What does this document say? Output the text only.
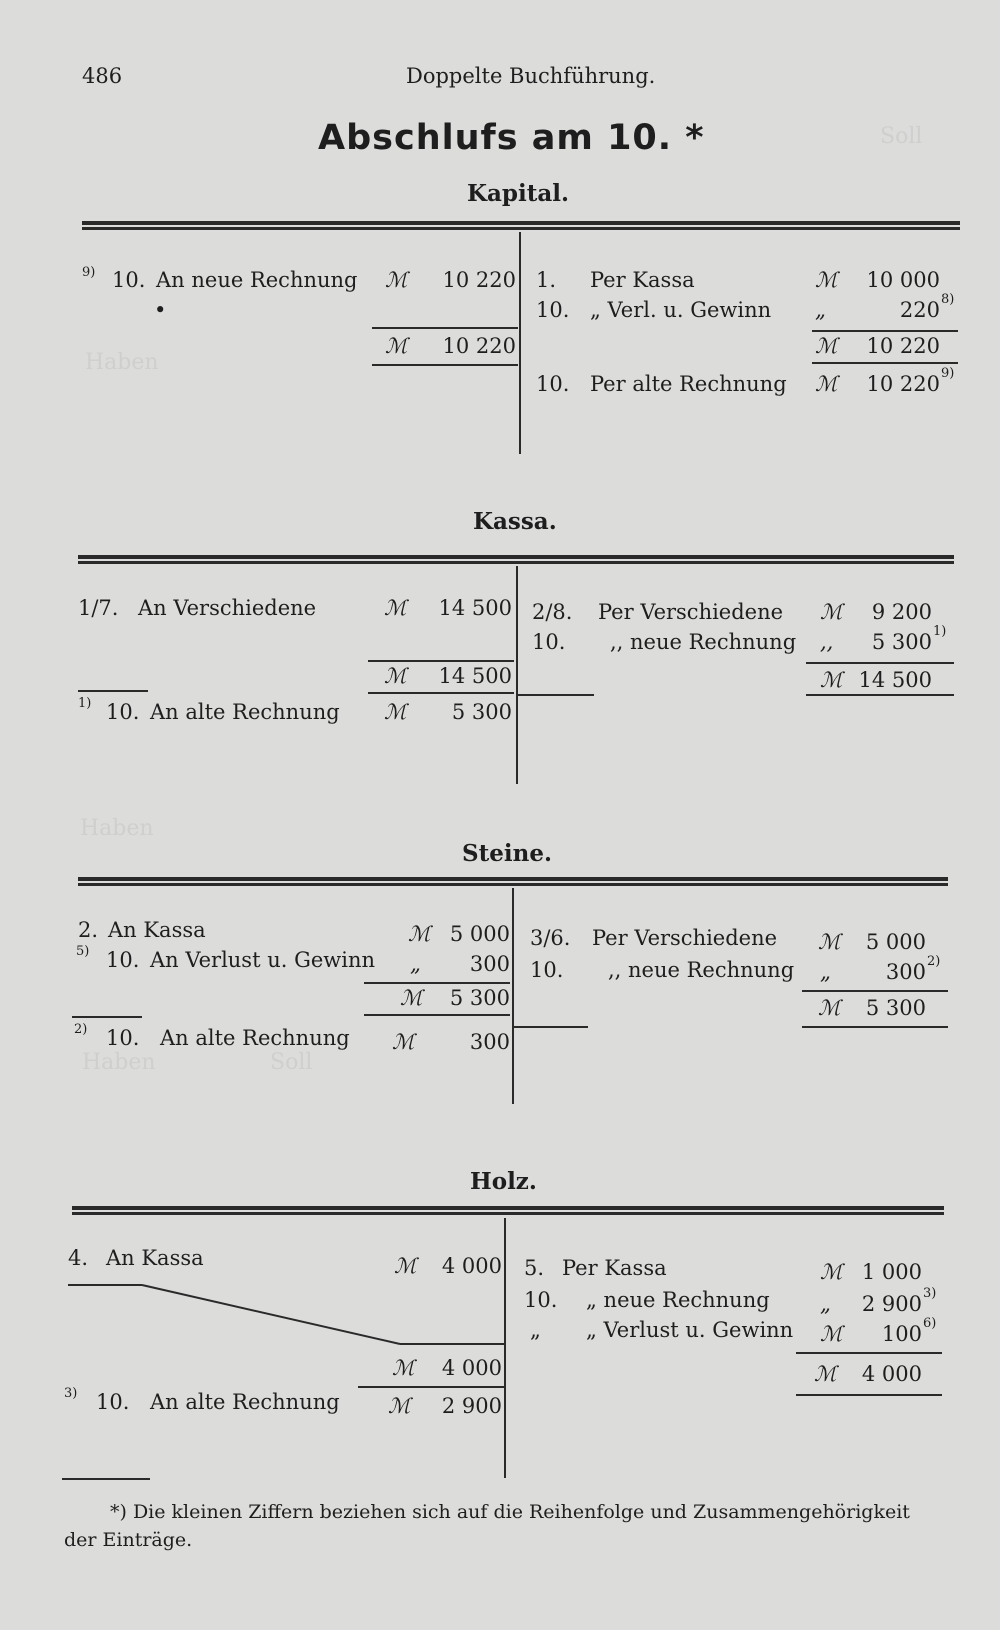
Soll
Haben
Haben
Haben	Soll
486	Doppelte Buchführung.
Abschlufs am 10. *
Kapital.
$^{9)}$ 10. An neue Rechnung ℳ	10 220
•
ℳ	10 220
1. Per Kassa	ℳ	10 000
10. „ Verl. u. Gewinn „	220 $^{8)}$
ℳ	10 220
10. Per alte Rechnung ℳ	10 220 $^{9)}$
Kassa.
1/7. An Verschiedene	ℳ	14 500
ℳ	14 500
$^{1)}$ 10. An alte Rechnung ℳ	5 300
2/8. Per Verschiedene ℳ	9 200
10. ,, neue Rechnung ,,	5 300 $^{1)}$
ℳ 14 500
Steine.
2. An Kassa	ℳ 5 000
$^{5)}$ 10. An Verlust u. Gewinn „	300
ℳ	5 300
$^{2)}$ 10. An alte Rechnung ℳ	300
3/6. Per Verschiedene ℳ	5 000
10. ,, neue Rechnung „	300 $^{2)}$
ℳ	5 300
Holz.
4. An Kassa	ℳ	4 000
ℳ	4 000
$^{3)}$ 10. An alte Rechnung ℳ	2 900
5. Per Kassa	ℳ 1 000
10. „ neue Rechnung „	2 900 $^{3)}$
„ „ Verlust u. Gewinn ℳ	100 $^{6)}$
ℳ	4 000
*) Die kleinen Ziffern beziehen sich auf die Reihenfolge und Zusammengehörigkeit der Einträge.
